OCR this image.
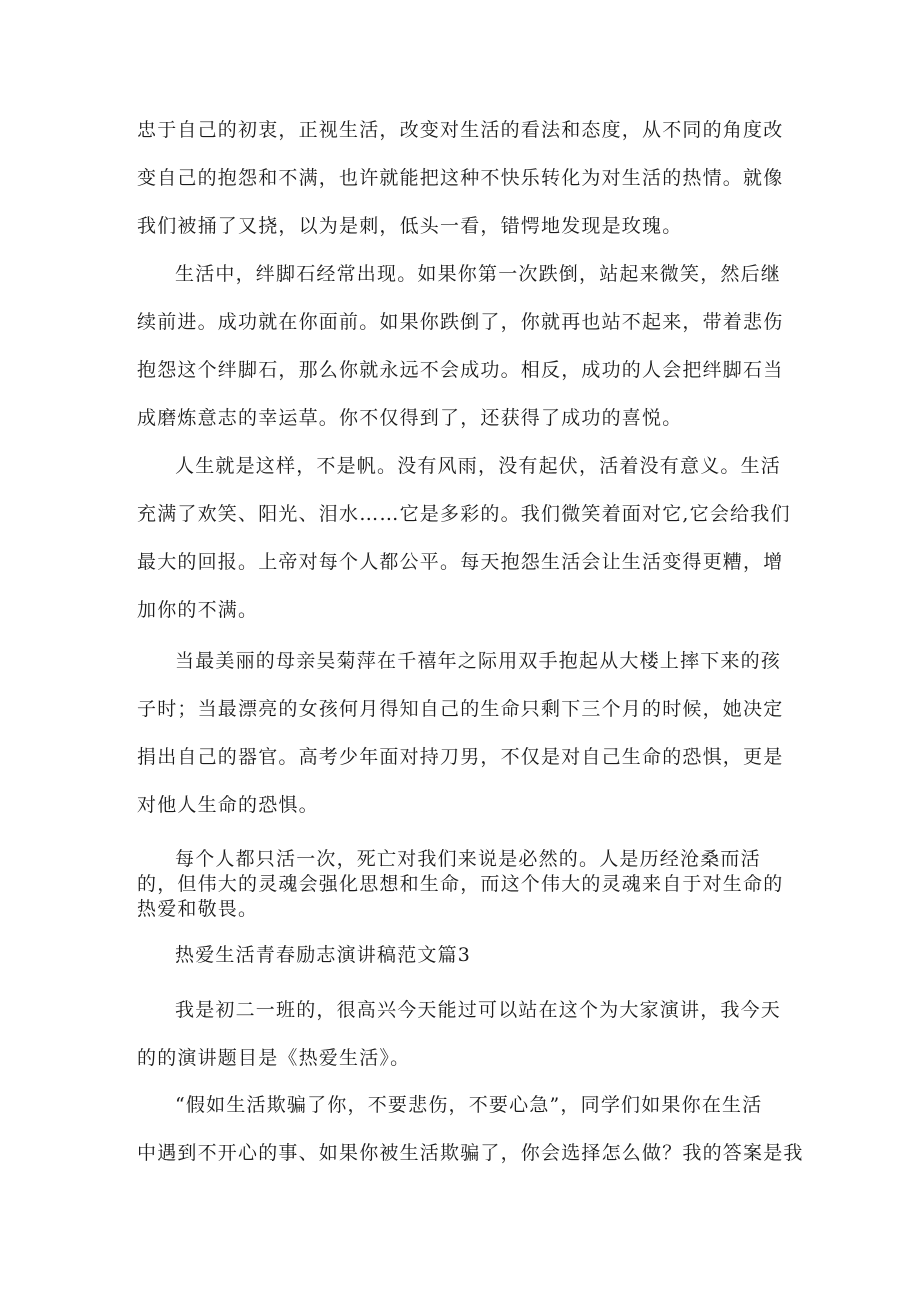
忠于自己的初衷，正视生活，改变对生活的看法和态度，从不同的角度改
变自己的抱怨和不满，也许就能把这种不快乐转化为对生活的热情。就像
我们被捅了又挠，以为是刺，低头一看，错愕地发现是玫瑰。
生活中，绊脚石经常出现。如果你第一次跌倒，站起来微笑，然后继
续前进。成功就在你面前。如果你跌倒了，你就再也站不起来，带着悲伤
抱怨这个绊脚石，那么你就永远不会成功。相反，成功的人会把绊脚石当
成磨炼意志的幸运草。你不仅得到了，还获得了成功的喜悦。
人生就是这样，不是帆。没有风雨，没有起伏，活着没有意义。生活
充满了欢笑、阳光、泪水……它是多彩的。我们微笑着面对它,它会给我们
最大的回报。上帝对每个人都公平。每天抱怨生活会让生活变得更糟，增
加你的不满。
当最美丽的母亲吴菊萍在千禧年之际用双手抱起从大楼上摔下来的孩
子时；当最漂亮的女孩何月得知自己的生命只剩下三个月的时候，她决定
捐出自己的器官。高考少年面对持刀男，不仅是对自己生命的恐惧，更是
对他人生命的恐惧。
每个人都只活一次，死亡对我们来说是必然的。人是历经沧桑而活
的，但伟大的灵魂会强化思想和生命，而这个伟大的灵魂来自于对生命的
热爱和敬畏。
热爱生活青春励志演讲稿范文篇3
我是初二一班的，很高兴今天能过可以站在这个为大家演讲，我今天
的的演讲题目是《热爱生活》。
“假如生活欺骗了你，不要悲伤，不要心急”，同学们如果你在生活
中遇到不开心的事、如果你被生活欺骗了，你会选择怎么做？我的答案是我
